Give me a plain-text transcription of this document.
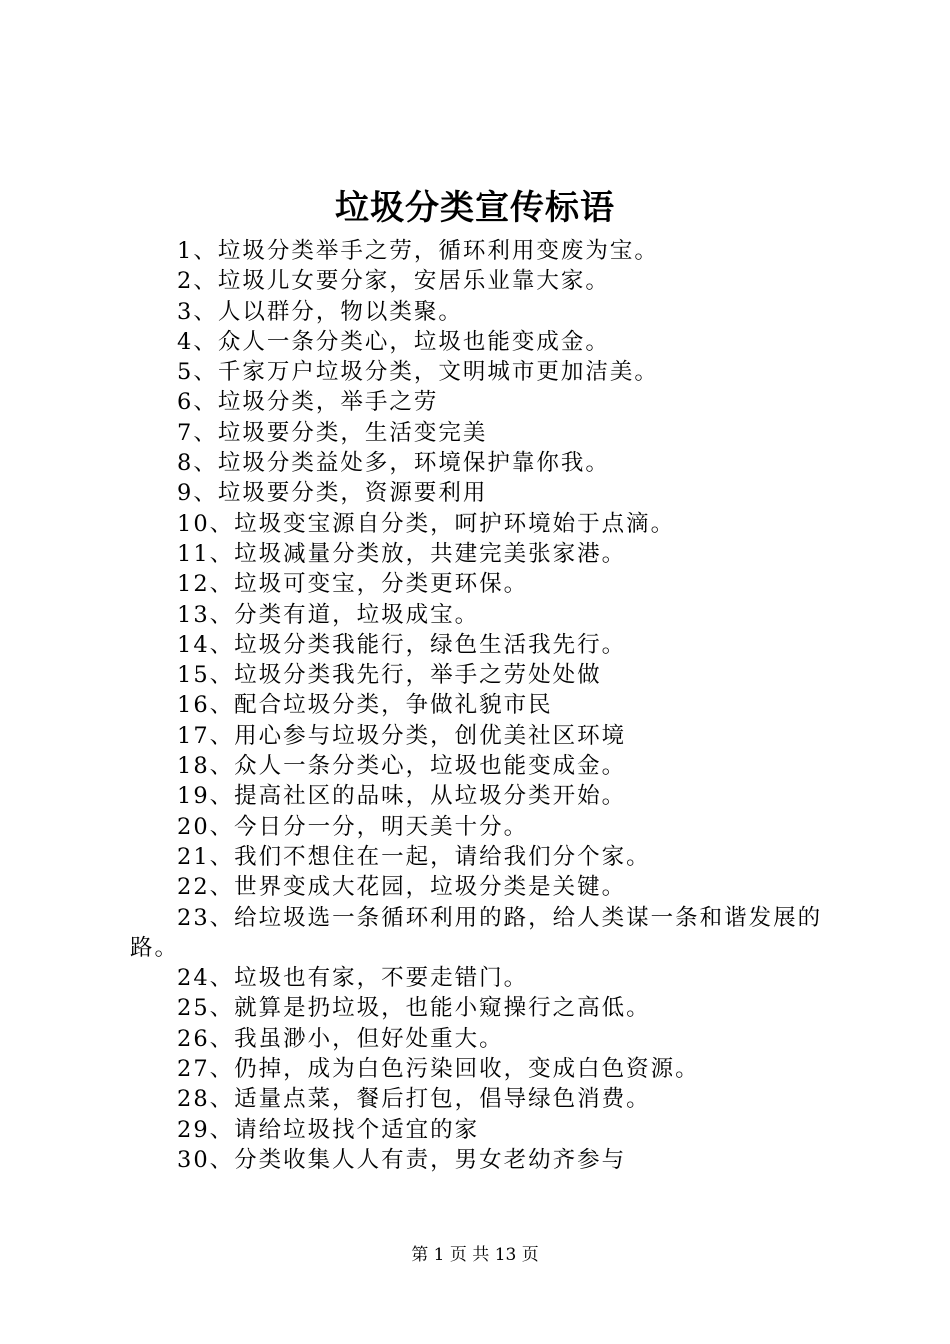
垃圾分类宣传标语
1、垃圾分类举手之劳，循环利用变废为宝。
2、垃圾儿女要分家，安居乐业靠大家。
3、人以群分，物以类聚。
4、众人一条分类心，垃圾也能变成金。
5、千家万户垃圾分类，文明城市更加洁美。
6、垃圾分类，举手之劳
7、垃圾要分类，生活变完美
8、垃圾分类益处多，环境保护靠你我。
9、垃圾要分类，资源要利用
10、垃圾变宝源自分类，呵护环境始于点滴。
11、垃圾减量分类放，共建完美张家港。
12、垃圾可变宝，分类更环保。
13、分类有道，垃圾成宝。
14、垃圾分类我能行，绿色生活我先行。
15、垃圾分类我先行，举手之劳处处做
16、配合垃圾分类，争做礼貌市民
17、用心参与垃圾分类，创优美社区环境
18、众人一条分类心，垃圾也能变成金。
19、提高社区的品味，从垃圾分类开始。
20、今日分一分，明天美十分。
21、我们不想住在一起，请给我们分个家。
22、世界变成大花园，垃圾分类是关键。
23、给垃圾选一条循环利用的路，给人类谋一条和谐发展的路。
24、垃圾也有家，不要走错门。
25、就算是扔垃圾，也能小窥操行之高低。
26、我虽渺小，但好处重大。
27、仍掉，成为白色污染回收，变成白色资源。
28、适量点菜，餐后打包，倡导绿色消费。
29、请给垃圾找个适宜的家
30、分类收集人人有责，男女老幼齐参与
第 1 页 共 13 页
